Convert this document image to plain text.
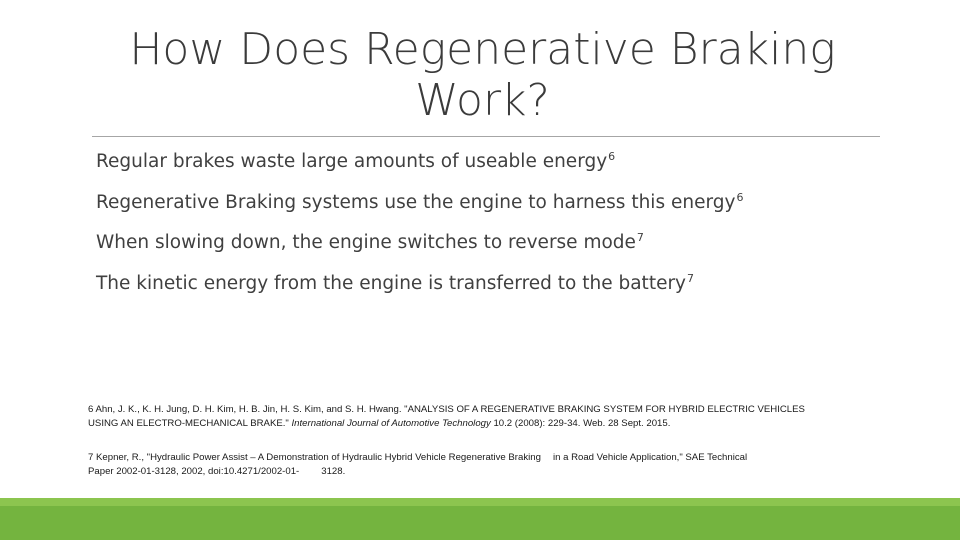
How Does Regenerative Braking
Work?
Regular brakes waste large amounts of useable energy$^6$
Regenerative Braking systems use the engine to harness this energy$^6$
When slowing down, the engine switches to reverse mode$^7$
The kinetic energy from the engine is transferred to the battery$^7$

6 Ahn, J. K., K. H. Jung, D. H. Kim, H. B. Jin, H. S. Kim, and S. H. Hwang. "ANALYSIS OF A REGENERATIVE BRAKING SYSTEM FOR HYBRID ELECTRIC VEHICLES
USING AN ELECTRO-MECHANICAL BRAKE." International Journal of Automotive Technology 10.2 (2008): 229-34. Web. 28 Sept. 2015.

7 Kepner, R., "Hydraulic Power Assist – A Demonstration of Hydraulic Hybrid Vehicle Regenerative Braking in a Road Vehicle Application," SAE Technical
Paper 2002-01-3128, 2002, doi:10.4271/2002-01- 3128.
